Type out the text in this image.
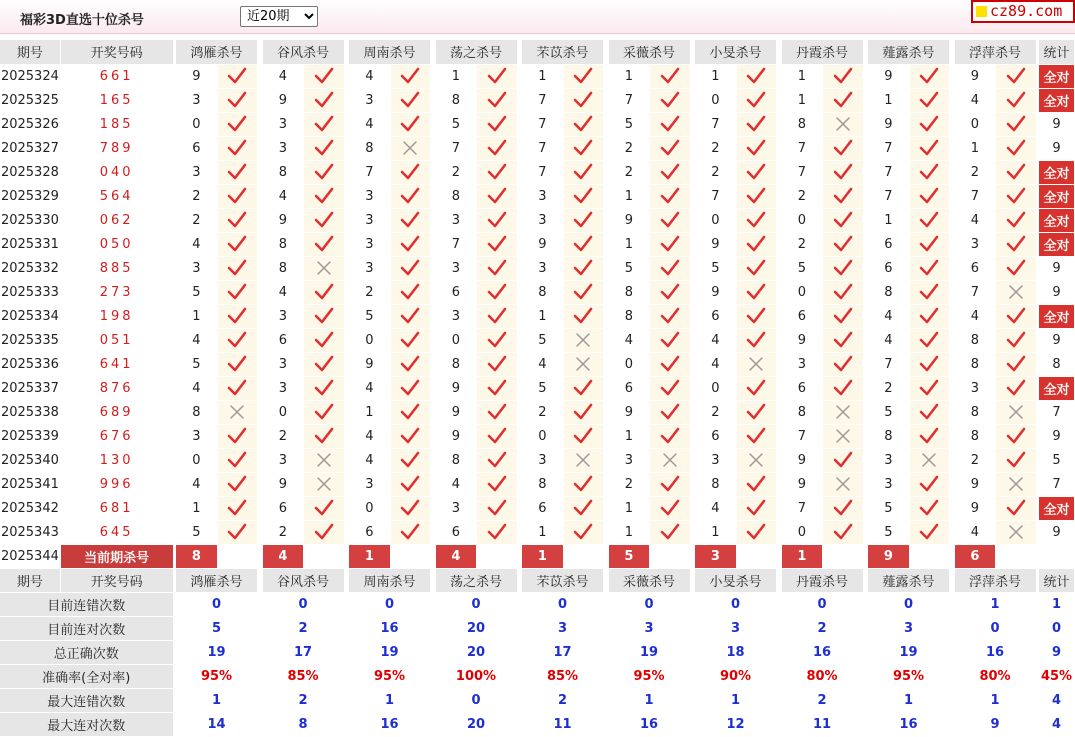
福彩3D直选十位杀号
近20期
cz89.com
期号	开奖号码		鸿雁杀号			谷风杀号			周南杀号			荡之杀号			芣苡杀号			采薇杀号			小旻杀号			丹霞杀号			薤露杀号			浮萍杀号			统计
2025324	661		9			4			4			1			1			1			1			1			9			9			全对
2025325	165		3			9			3			8			7			7			0			1			1			4			全对
2025326	185		0			3			4			5			7			5			7			8			9			0			9
2025327	789		6			3			8			7			7			2			2			7			7			1			9
2025328	040		3			8			7			2			7			2			2			7			7			2			全对
2025329	564		2			4			3			8			3			1			7			2			7			7			全对
2025330	062		2			9			3			3			3			9			0			0			1			4			全对
2025331	050		4			8			3			7			9			1			9			2			6			3			全对
2025332	885		3			8			3			3			3			5			5			5			6			6			9
2025333	273		5			4			2			6			8			8			9			0			8			7			9
2025334	198		1			3			5			3			1			8			6			6			4			4			全对
2025335	051		4			6			0			0			5			4			4			9			4			8			9
2025336	641		5			3			9			8			4			0			4			3			7			8			8
2025337	876		4			3			4			9			5			6			0			6			2			3			全对
2025338	689		8			0			1			9			2			9			2			8			5			8			7
2025339	676		3			2			4			9			0			1			6			7			8			8			9
2025340	130		0			3			4			8			3			3			3			9			3			2			5
2025341	996		4			9			3			4			8			2			8			9			3			9			7
2025342	681		1			6			0			3			6			1			4			7			5			9			全对
2025343	645		5			2			6			6			1			1			1			0			5			4			9
2025344	当前期杀号		8			4			1			4			1			5			3			1			9			6			
期号	开奖号码		鸿雁杀号			谷风杀号			周南杀号			荡之杀号			芣苡杀号			采薇杀号			小旻杀号			丹霞杀号			薤露杀号			浮萍杀号			统计
目前连错次数			0			0			0			0			0			0			0			0			0			1			1
目前连对次数			5			2			16			20			3			3			3			2			3			0			0
总正确次数			19			17			19			20			17			19			18			16			19			16			9
准确率(全对率)			95%			85%			95%			100%			85%			95%			90%			80%			95%			80%			45%
最大连错次数			1			2			1			0			2			1			1			2			1			1			4
最大连对次数			14			8			16			20			11			16			12			11			16			9			4
